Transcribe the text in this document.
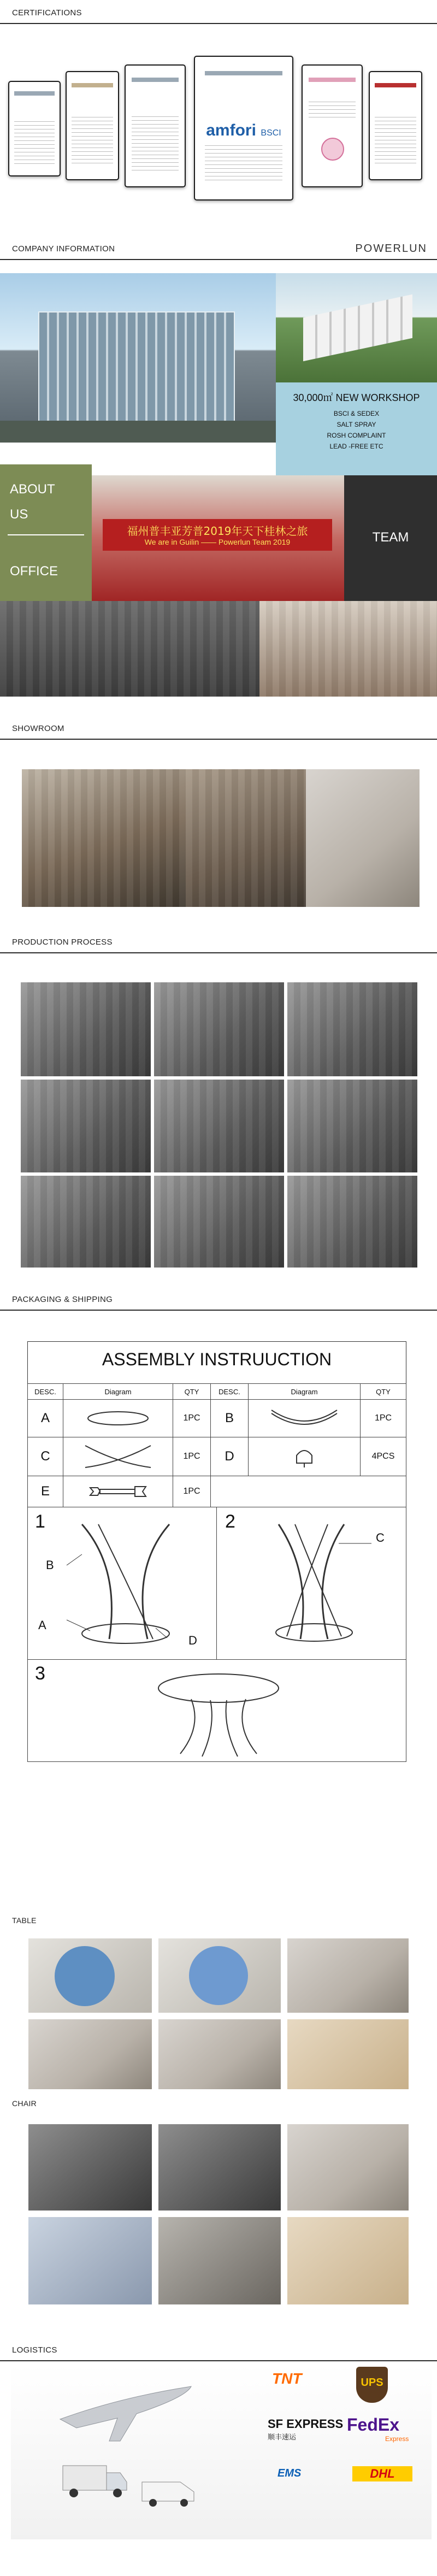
CERTIFICATIONS
amfori BSCI
COMPANY INFORMATION	POWERLUN
30,000㎡ NEW WORKSHOP
BSCI & SEDEX
SALT SPRAY
ROSH COMPLAINT
LEAD -FREE ETC
ABOUT
US
OFFICE
福州普丰亚芳普2019年天下桂林之旅
We are in Guilin —— Powerlun Team 2019	TEAM
SHOWROOM
PRODUCTION PROCESS
PACKAGING & SHIPPING
ASSEMBLY INSTRUUCTION
DESC.	Diagram	QTY	DESC.	Diagram	QTY
A	1PC	B	1PC
C	1PC	D	4PCS
E	1PC
1
B
A
D
2
C
3
TABLE
CHAIR
LOGISTICS
TNT	UPS
SF EXPRESS
顺丰速运
FedEx
Express
EMS	DHL
